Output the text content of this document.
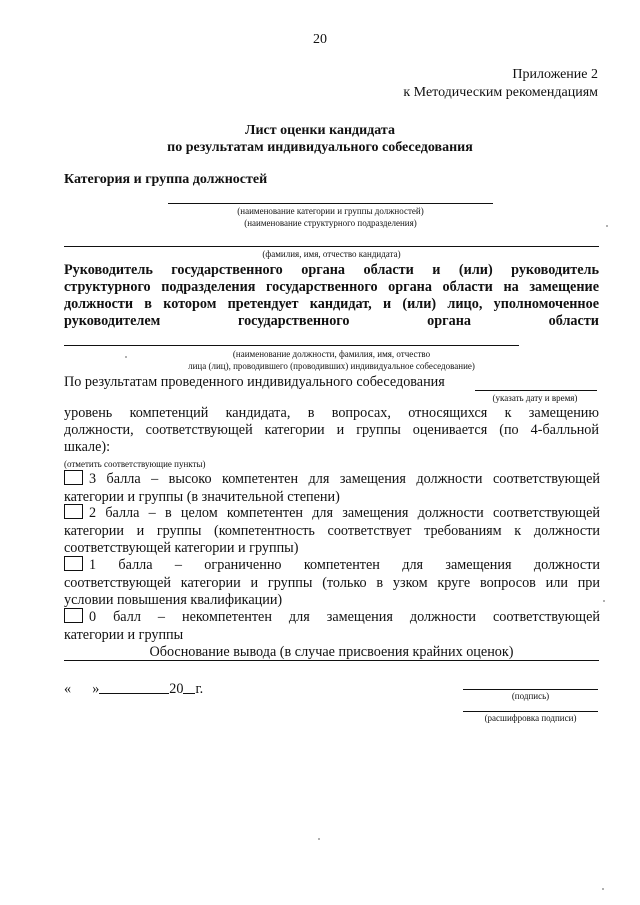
20
Приложение 2
к Методическим рекомендациям
Лист оценки кандидата
по результатам индивидуального собеседования
Категория и группа должностей
(наименование категории и группы должностей)
(наименование структурного подразделения)
(фамилия, имя, отчество кандидата)
Руководитель государственного органа области и (или) руководитель
структурного подразделения государственного органа области на замещение
должности в котором претендует кандидат, и (или) лицо, уполномоченное
руководителем	государственного	органа	области
(наименование должности, фамилия, имя, отчество
лица (лиц), проводившего (проводивших) индивидуальное собеседование)
По результатам проведенного индивидуального собеседования
(указать дату и время)
уровень компетенций кандидата, в вопросах, относящихся к замещению
должности, соответствующей категории и группы оценивается (по 4-балльной
шкале):
(отметить соответствующие пункты)
3 балла – высоко компетентен для замещения должности соответствующей
категории и группы (в значительной степени)
2 балла – в целом компетентен для замещения должности соответствующей
категории и группы (компетентность соответствует требованиям к должности
соответствующей категории и группы)
1 балла – ограниченно компетентен для замещения должности
соответствующей категории и группы (только в узком круге вопросов или при
условии повышения квалификации)
0 балл – некомпетентен для замещения должности соответствующей
категории и группы
Обоснование вывода (в случае присвоения крайних оценок)
« »	20 г.	(подпись)
(расшифровка подписи)
